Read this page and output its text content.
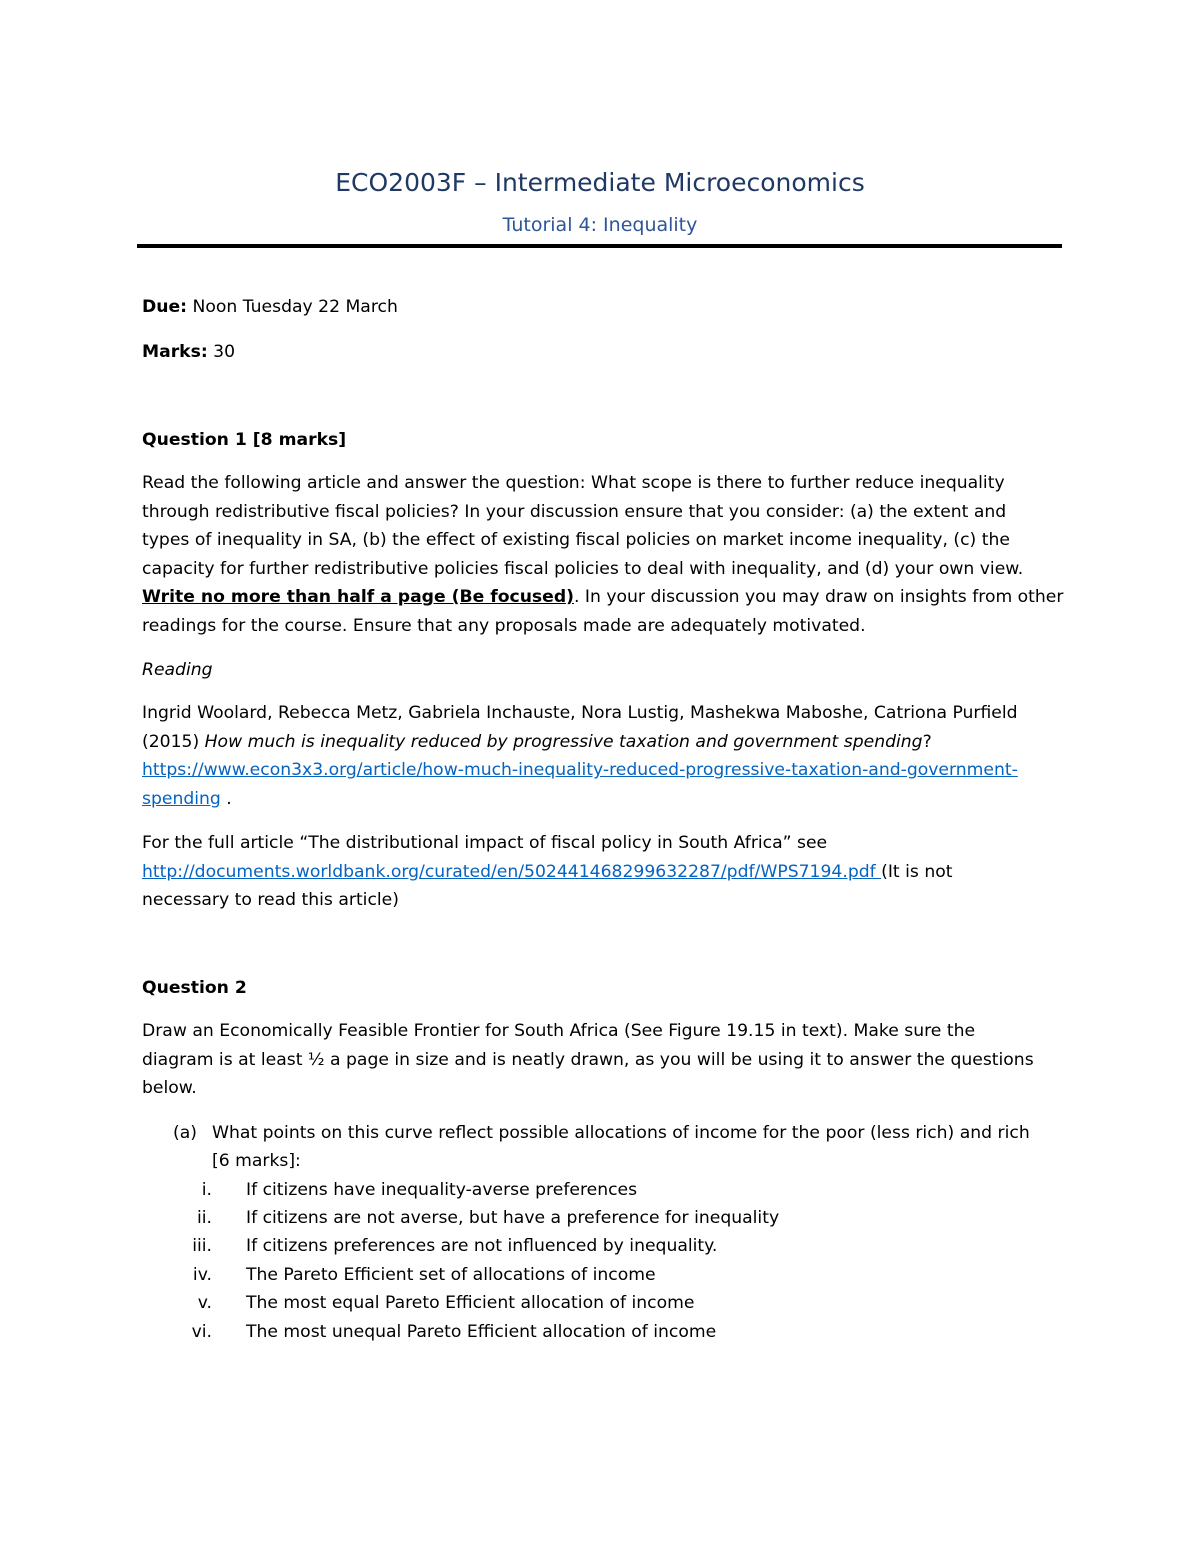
ECO2003F – Intermediate Microeconomics
Tutorial 4: Inequality
Due: Noon Tuesday 22 March
Marks: 30
Question 1 [8 marks]
Read the following article and answer the question: What scope is there to further reduce inequality
through redistributive fiscal policies? In your discussion ensure that you consider: (a) the extent and
types of inequality in SA, (b) the effect of existing fiscal policies on market income inequality, (c) the
capacity for further redistributive policies fiscal policies to deal with inequality, and (d) your own view.
Write no more than half a page (Be focused). In your discussion you may draw on insights from other
readings for the course. Ensure that any proposals made are adequately motivated.
Reading
Ingrid Woolard, Rebecca Metz, Gabriela Inchauste, Nora Lustig, Mashekwa Maboshe, Catriona Purfield
(2015) How much is inequality reduced by progressive taxation and government spending?
https://www.econ3x3.org/article/how-much-inequality-reduced-progressive-taxation-and-government-
spending .
For the full article “The distributional impact of fiscal policy in South Africa” see
http://documents.worldbank.org/curated/en/502441468299632287/pdf/WPS7194.pdf (It is not
necessary to read this article)
Question 2
Draw an Economically Feasible Frontier for South Africa (See Figure 19.15 in text). Make sure the
diagram is at least ½ a page in size and is neatly drawn, as you will be using it to answer the questions
below.
(a) What points on this curve reflect possible allocations of income for the poor (less rich) and rich
[6 marks]:
i. If citizens have inequality-averse preferences
ii. If citizens are not averse, but have a preference for inequality
iii. If citizens preferences are not influenced by inequality.
iv. The Pareto Efficient set of allocations of income
v. The most equal Pareto Efficient allocation of income
vi. The most unequal Pareto Efficient allocation of income
